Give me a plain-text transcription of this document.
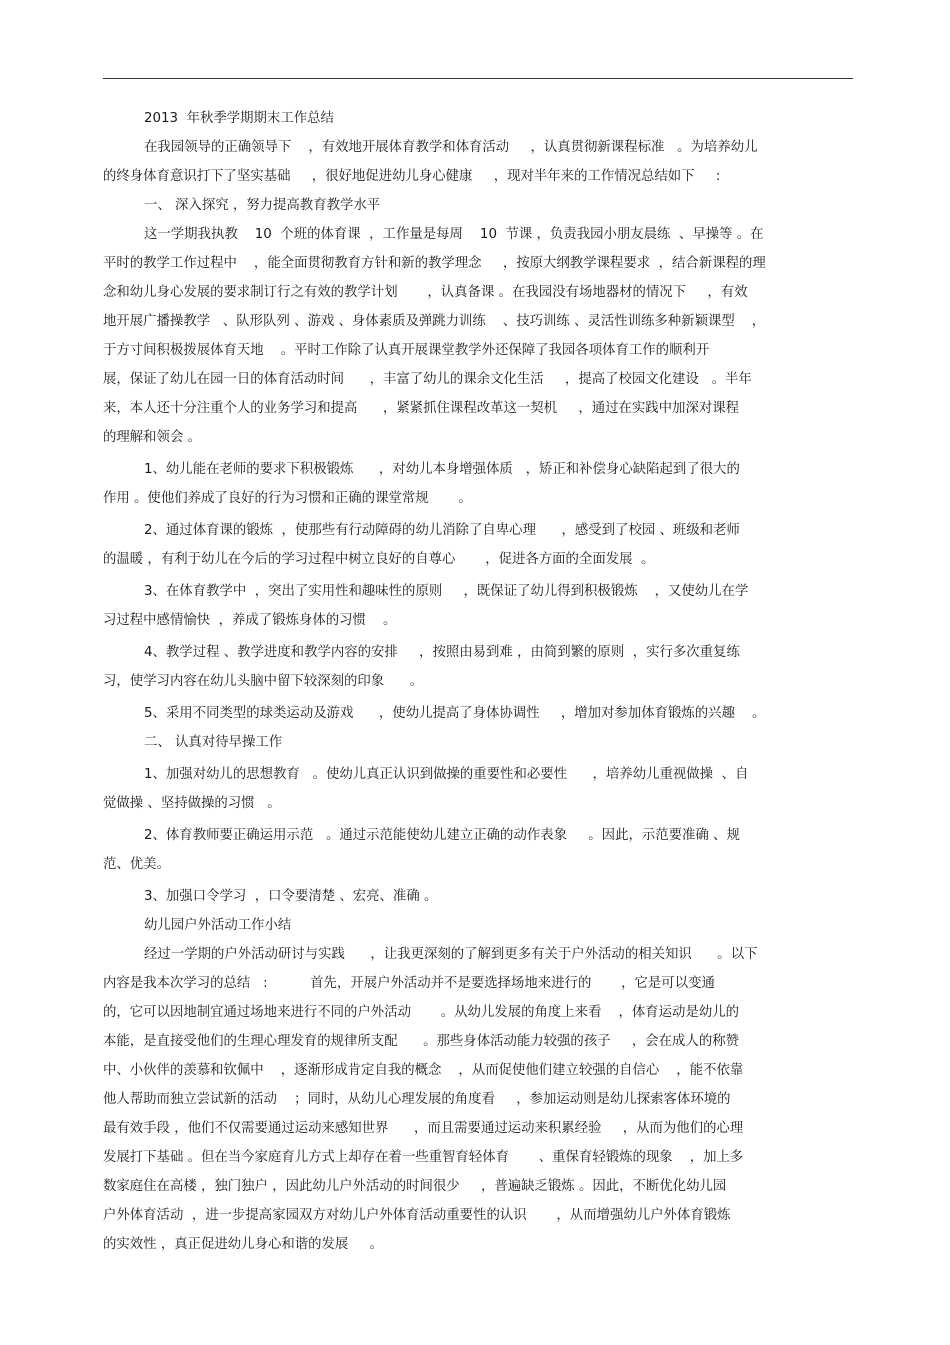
2013  年秋季学期期末工作总结
在我园领导的正确领导下    ，有效地开展体育教学和体育活动     ，认真贯彻新课程标准   。为培养幼儿
的终身体育意识打下了坚实基础     ，很好地促进幼儿身心健康     ，现对半年来的工作情况总结如下     :
一、 深入探究 ，努力提高教育教学水平
这一学期我执教    10  个班的体育课  ，工作量是每周    10  节课 ，负责我园小朋友晨练  、早操等 。在
平时的教学工作过程中    ，能全面贯彻教育方针和新的教学理念     ，按原大纲教学课程要求  ，结合新课程的理
念和幼儿身心发展的要求制订行之有效的教学计划       ，认真备课 。在我园没有场地器材的情况下     ，有效
地开展广播操教学   、队形队列 、游戏 、身体素质及弹跳力训练    、技巧训练 、灵活性训练多种新颖课型    ，
于方寸间积极拨展体育天地    。平时工作除了认真开展课堂教学外还保障了我园各项体育工作的顺利开
展，保证了幼儿在园一日的体育活动时间      ，丰富了幼儿的课余文化生活     ，提高了校园文化建设   。半年
来，本人还十分注重个人的业务学习和提高      ，紧紧抓住课程改革这一契机     ，通过在实践中加深对课程
的理解和领会 。
1、幼儿能在老师的要求下积极锻炼      ，对幼儿本身增强体质   ，矫正和补偿身心缺陷起到了很大的
作用 。使他们养成了良好的行为习惯和正确的课堂常规       。
2、通过体育课的锻炼  ，使那些有行动障碍的幼儿消除了自卑心理      ，感受到了校园 、班级和老师
的温暖 ，有利于幼儿在今后的学习过程中树立良好的自尊心       ，促进各方面的全面发展  。
3、在体育教学中  ，突出了实用性和趣味性的原则     ，既保证了幼儿得到积极锻炼    ，又使幼儿在学
习过程中感情愉快  ，养成了锻炼身体的习惯    。
4、教学过程 、教学进度和教学内容的安排     ，按照由易到难 ，由简到繁的原则  ，实行多次重复练
习，使学习内容在幼儿头脑中留下较深刻的印象      。
5、采用不同类型的球类运动及游戏      ，使幼儿提高了身体协调性     ，增加对参加体育锻炼的兴趣    。
二、 认真对待早操工作
1、加强对幼儿的思想教育   。使幼儿真正认识到做操的重要性和必要性      ，培养幼儿重视做操  、自
觉做操 、坚持做操的习惯   。
2、体育教师要正确运用示范   。通过示范能使幼儿建立正确的动作表象     。因此，示范要准确 、规
范、优美。
3、加强口令学习  ，口令要清楚 、宏亮、准确 。
幼儿园户外活动工作小结
经过一学期的户外活动研讨与实践      ，让我更深刻的了解到更多有关于户外活动的相关知识      。以下
内容是我本次学习的总结   :          首先，开展户外活动并不是要选择场地来进行的       ，它是可以变通
的，它可以因地制宜通过场地来进行不同的户外活动       。从幼儿发展的角度上来看    ，体育运动是幼儿的
本能，是直接受他们的生理心理发育的规律所支配      。那些身体活动能力较强的孩子     ，会在成人的称赞
中、小伙伴的羡慕和钦佩中    ，逐渐形成肯定自我的概念    ，从而促使他们建立较强的自信心    ，能不依靠
他人帮助而独立尝试新的活动    ；同时，从幼儿心理发展的角度看     ，参加运动则是幼儿探索客体环境的
最有效手段 ，他们不仅需要通过运动来感知世界      ，而且需要通过运动来积累经验     ，从而为他们的心理
发展打下基础 。但在当今家庭育儿方式上却存在着一些重智育轻体育       、重保育轻锻炼的现象    ，加上多
数家庭住在高楼 ，独门独户 ，因此幼儿户外活动的时间很少     ，普遍缺乏锻炼 。因此，不断优化幼儿园
户外体育活动  ，进一步提高家园双方对幼儿户外体育活动重要性的认识       ，从而增强幼儿户外体育锻炼
的实效性 ，真正促进幼儿身心和谐的发展     。
